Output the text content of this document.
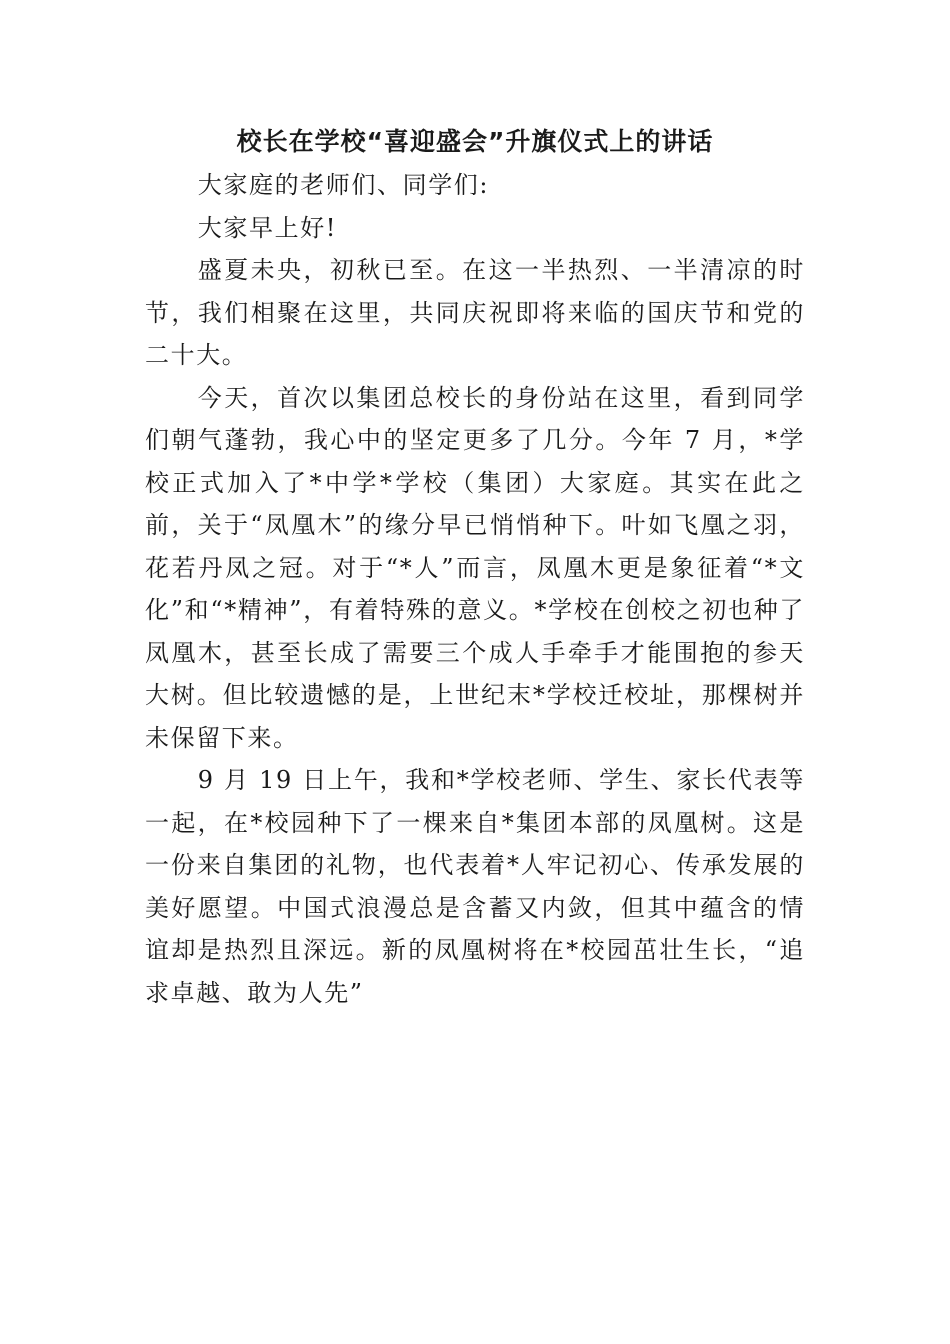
校长在学校“喜迎盛会”升旗仪式上的讲话

大家庭的老师们、同学们:

大家早上好!

盛夏未央，初秋已至。在这一半热烈、一半清凉的时节，我们相聚在这里，共同庆祝即将来临的国庆节和党的二十大。

今天，首次以集团总校长的身份站在这里，看到同学们朝气蓬勃，我心中的坚定更多了几分。今年 7 月，*学校正式加入了*中学*学校（集团）大家庭。其实在此之前，关于“凤凰木”的缘分早已悄悄种下。叶如飞凰之羽，花若丹凤之冠。对于“*人”而言，凤凰木更是象征着“*文化”和“*精神”，有着特殊的意义。*学校在创校之初也种了凤凰木，甚至长成了需要三个成人手牵手才能围抱的参天大树。但比较遗憾的是，上世纪末*学校迁校址，那棵树并未保留下来。

9 月 19 日上午，我和*学校老师、学生、家长代表等一起，在*校园种下了一棵来自*集团本部的凤凰树。这是一份来自集团的礼物，也代表着*人牢记初心、传承发展的美好愿望。中国式浪漫总是含蓄又内敛，但其中蕴含的情谊却是热烈且深远。新的凤凰树将在*校园茁壮生长，“追求卓越、敢为人先”
